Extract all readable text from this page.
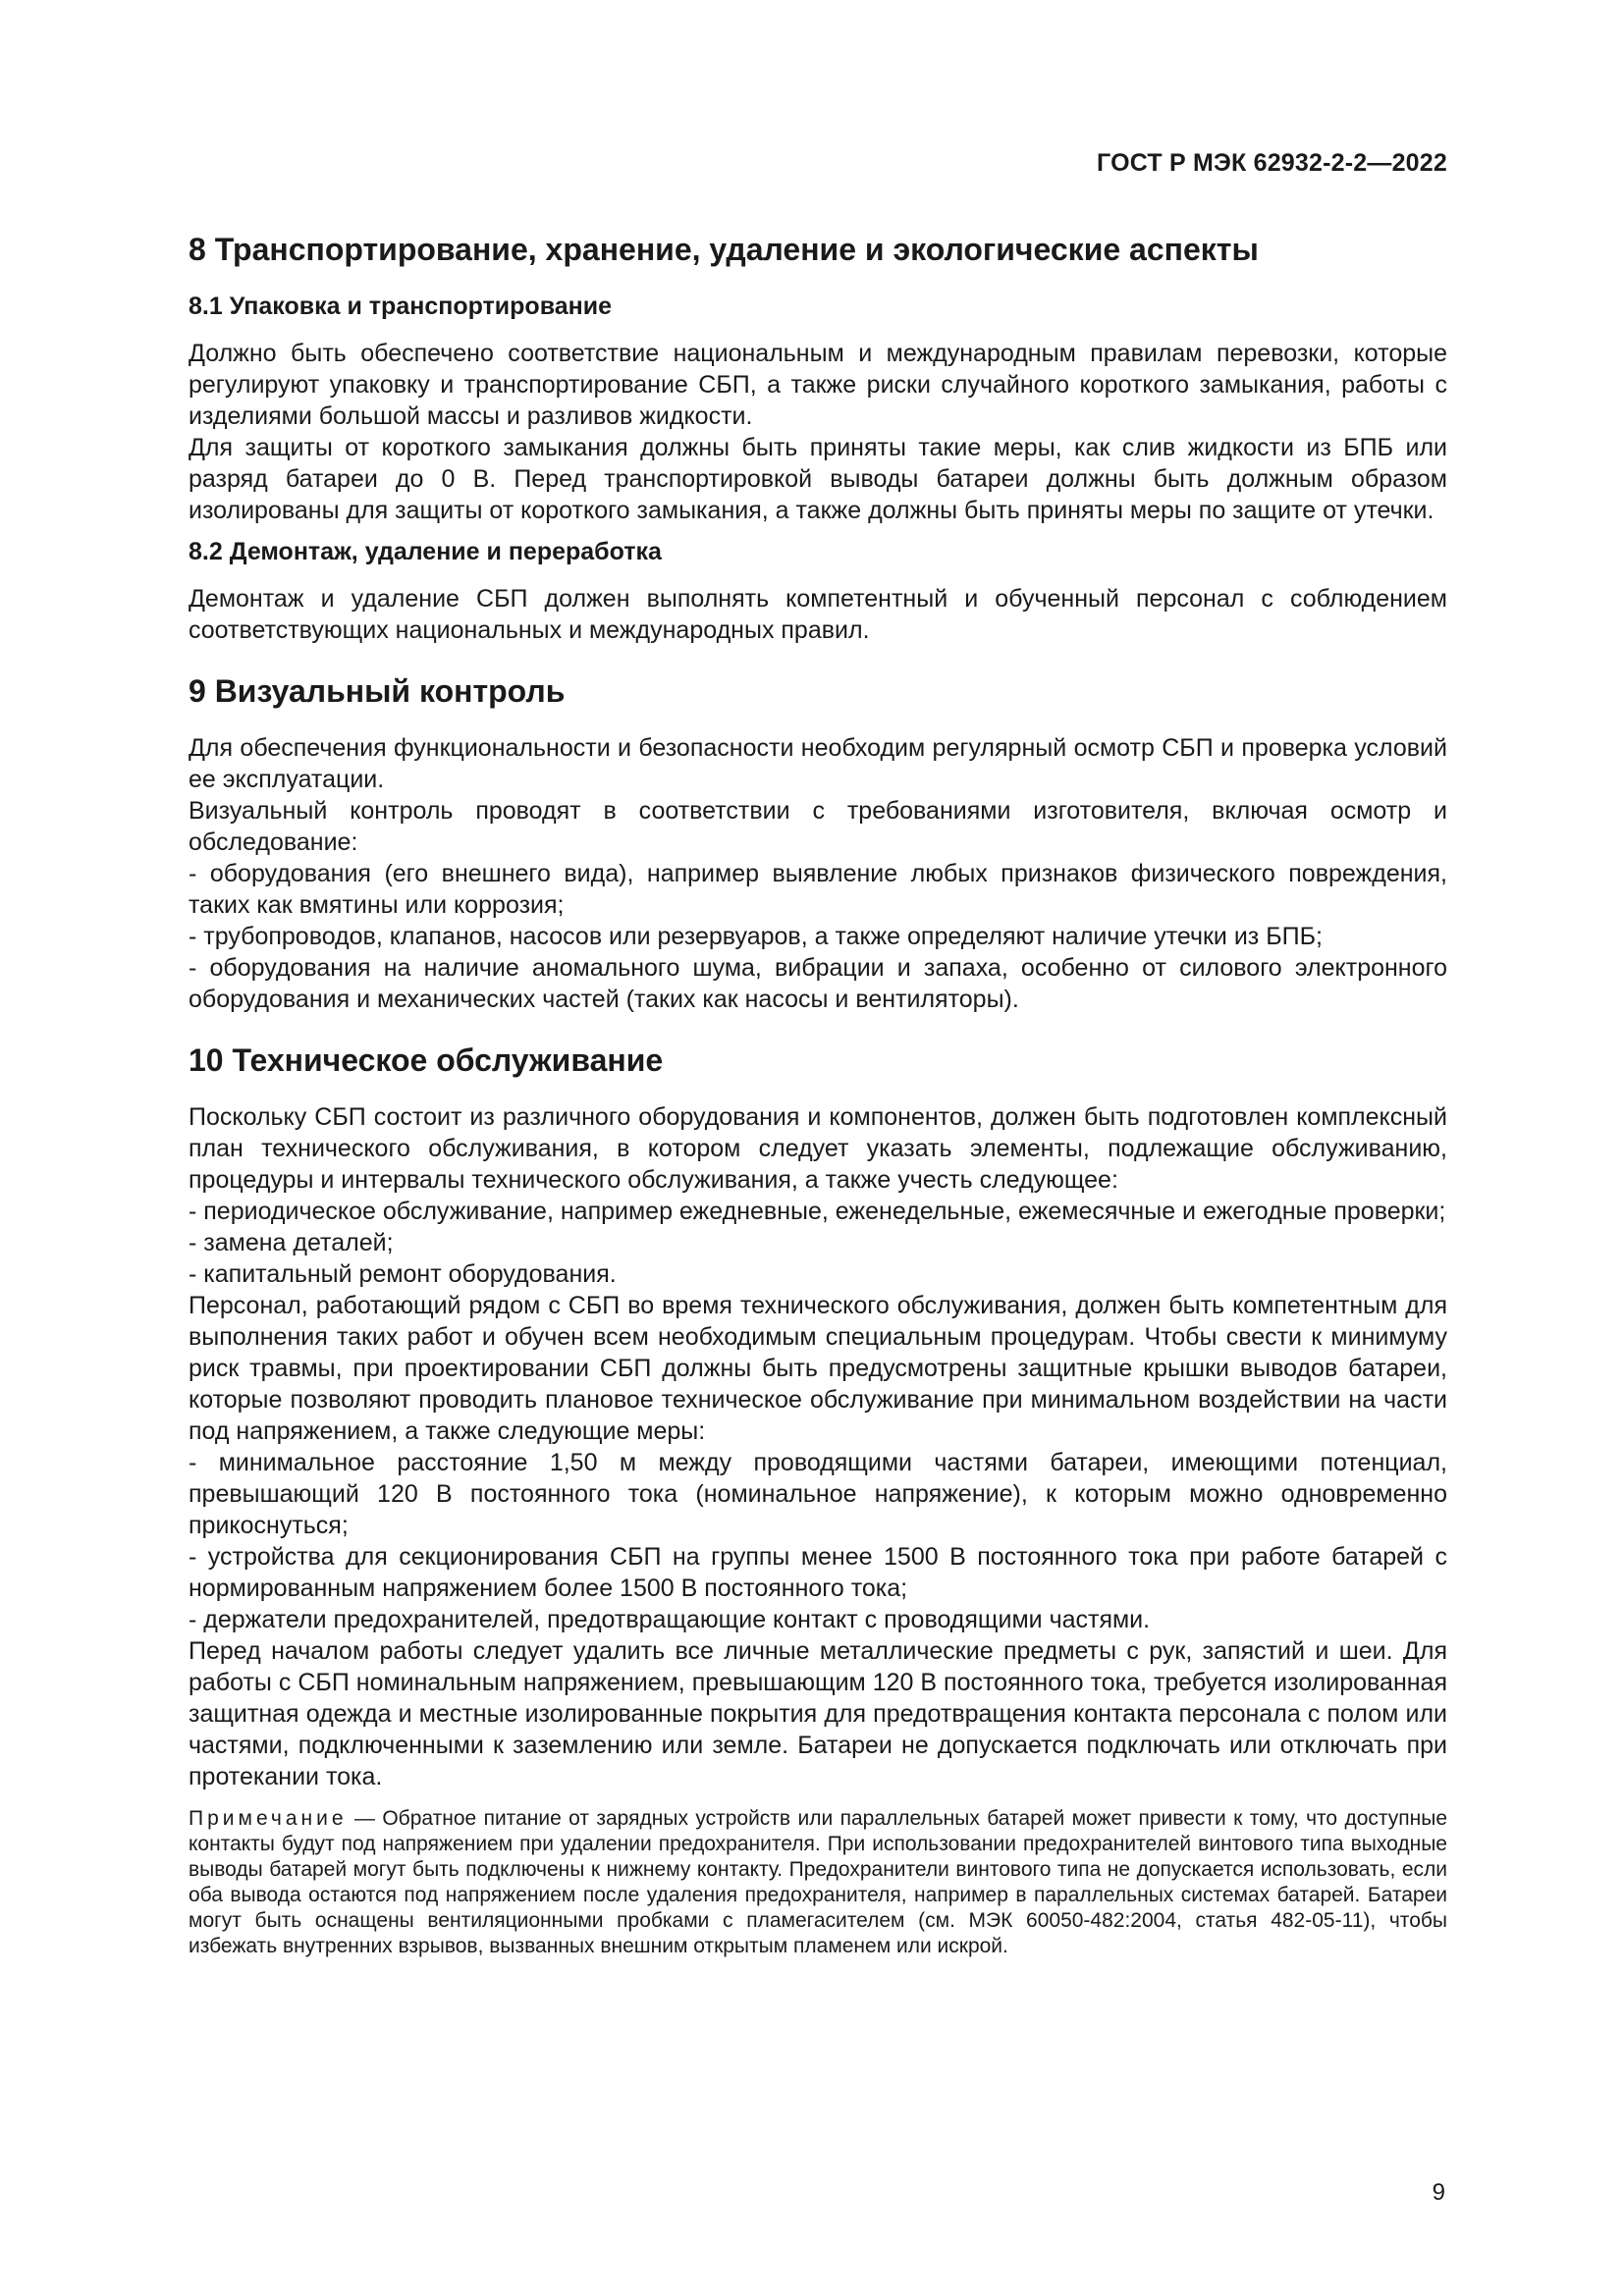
ГОСТ Р МЭК 62932-2-2—2022
8 Транспортирование, хранение, удаление и экологические аспекты
8.1 Упаковка и транспортирование

Должно быть обеспечено соответствие национальным и международным правилам перевозки, которые регулируют упаковку и транспортирование СБП, а также риски случайного короткого замыкания, работы с изделиями большой массы и разливов жидкости.

Для защиты от короткого замыкания должны быть приняты такие меры, как слив жидкости из БПБ или разряд батареи до 0 В. Перед транспортировкой выводы батареи должны быть должным образом изолированы для защиты от короткого замыкания, а также должны быть приняты меры по защите от утечки.

8.2 Демонтаж, удаление и переработка

Демонтаж и удаление СБП должен выполнять компетентный и обученный персонал с соблюдением соответствующих национальных и международных правил.

9 Визуальный контроль

Для обеспечения функциональности и безопасности необходим регулярный осмотр СБП и проверка условий ее эксплуатации.

Визуальный контроль проводят в соответствии с требованиями изготовителя, включая осмотр и обследование:

- оборудования (его внешнего вида), например выявление любых признаков физического повреждения, таких как вмятины или коррозия;

- трубопроводов, клапанов, насосов или резервуаров, а также определяют наличие утечки из БПБ;

- оборудования на наличие аномального шума, вибрации и запаха, особенно от силового электронного оборудования и механических частей (таких как насосы и вентиляторы).

10 Техническое обслуживание

Поскольку СБП состоит из различного оборудования и компонентов, должен быть подготовлен комплексный план технического обслуживания, в котором следует указать элементы, подлежащие обслуживанию, процедуры и интервалы технического обслуживания, а также учесть следующее:

- периодическое обслуживание, например ежедневные, еженедельные, ежемесячные и ежегодные проверки;

- замена деталей;

- капитальный ремонт оборудования.

Персонал, работающий рядом с СБП во время технического обслуживания, должен быть компетентным для выполнения таких работ и обучен всем необходимым специальным процедурам. Чтобы свести к минимуму риск травмы, при проектировании СБП должны быть предусмотрены защитные крышки выводов батареи, которые позволяют проводить плановое техническое обслуживание при минимальном воздействии на части под напряжением, а также следующие меры:

- минимальное расстояние 1,50 м между проводящими частями батареи, имеющими потенциал, превышающий 120 В постоянного тока (номинальное напряжение), к которым можно одновременно прикоснуться;

- устройства для секционирования СБП на группы менее 1500 В постоянного тока при работе батарей с нормированным напряжением более 1500 В постоянного тока;

- держатели предохранителей, предотвращающие контакт с проводящими частями.

Перед началом работы следует удалить все личные металлические предметы с рук, запястий и шеи. Для работы с СБП номинальным напряжением, превышающим 120 В постоянного тока, требуется изолированная защитная одежда и местные изолированные покрытия для предотвращения контакта персонала с полом или частями, подключенными к заземлению или земле. Батареи не допускается подключать или отключать при протекании тока.

Примечание — Обратное питание от зарядных устройств или параллельных батарей может привести к тому, что доступные контакты будут под напряжением при удалении предохранителя. При использовании предохранителей винтового типа выходные выводы батарей могут быть подключены к нижнему контакту. Предохранители винтового типа не допускается использовать, если оба вывода остаются под напряжением после удаления предохранителя, например в параллельных системах батарей. Батареи могут быть оснащены вентиляционными пробками с пламегасителем (см. МЭК 60050-482:2004, статья 482-05-11), чтобы избежать внутренних взрывов, вызванных внешним открытым пламенем или искрой.
9
